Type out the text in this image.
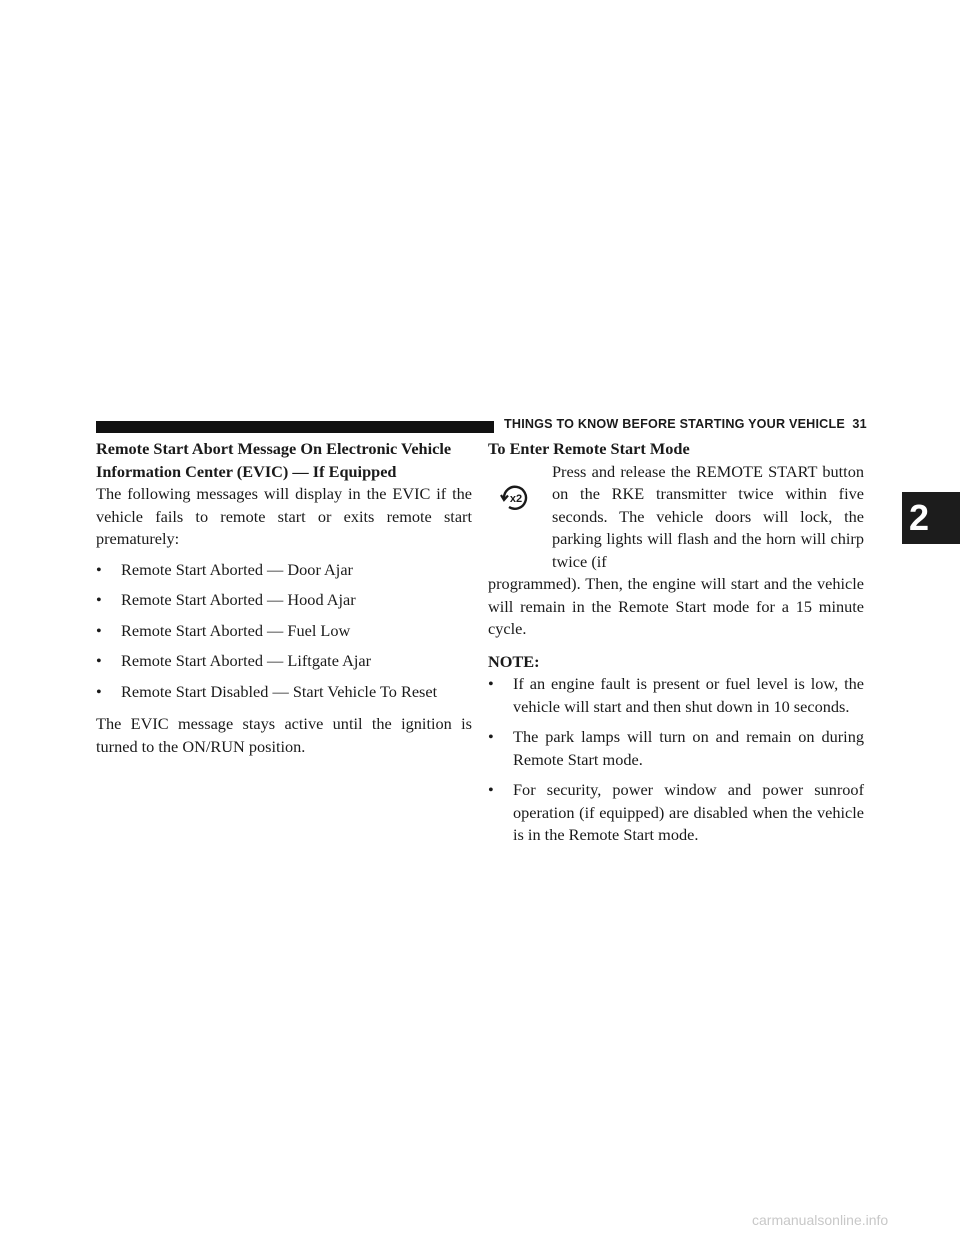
THINGS TO KNOW BEFORE STARTING YOUR VEHICLE 31
2

Remote Start Abort Message On Electronic Vehicle Information Center (EVIC) — If Equipped

The following messages will display in the EVIC if the vehicle fails to remote start or exits remote start prematurely:

• Remote Start Aborted — Door Ajar

• Remote Start Aborted — Hood Ajar

• Remote Start Aborted — Fuel Low

• Remote Start Aborted — Liftgate Ajar

• Remote Start Disabled — Start Vehicle To Reset

The EVIC message stays active until the ignition is turned to the ON/RUN position.

To Enter Remote Start Mode

x2

Press and release the REMOTE START button on the RKE transmitter twice within five seconds. The vehicle doors will lock, the parking lights will flash and the horn will chirp twice (if

programmed). Then, the engine will start and the vehicle will remain in the Remote Start mode for a 15 minute cycle.

NOTE:

• If an engine fault is present or fuel level is low, the vehicle will start and then shut down in 10 seconds.

• The park lamps will turn on and remain on during Remote Start mode.

• For security, power window and power sunroof operation (if equipped) are disabled when the vehicle is in the Remote Start mode.

carmanualsonline.info
